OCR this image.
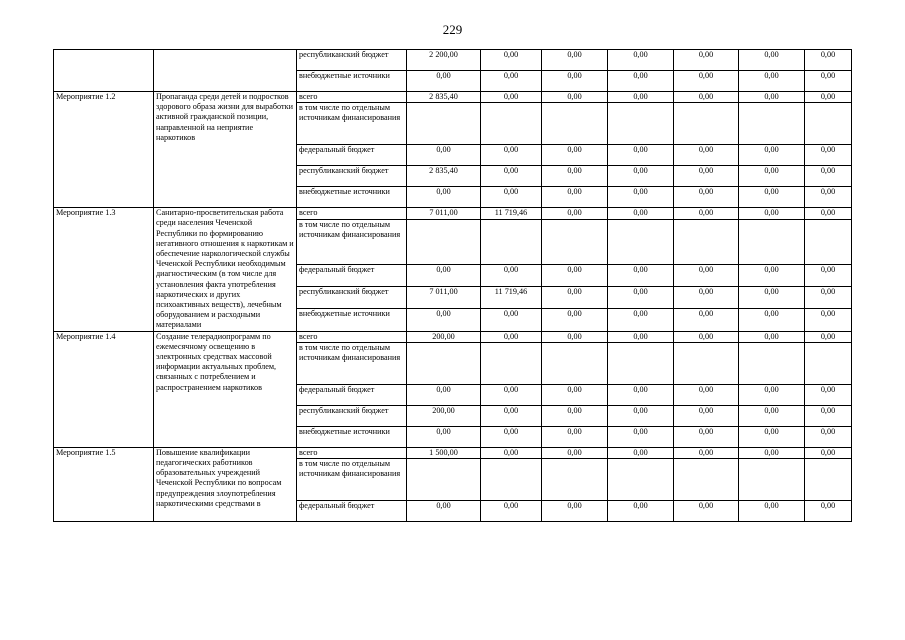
229
		республиканский бюджет	2 200,00	0,00	0,00	0,00	0,00	0,00	0,00
		внебюджетные источники	0,00	0,00	0,00	0,00	0,00	0,00	0,00
Мероприятие 1.2	Пропаганда среди детей и подростков здорового образа жизни для выработки активной гражданской позиции, направленной на неприятие наркотиков	всего	2 835,40	0,00	0,00	0,00	0,00	0,00	0,00
		в том числе по отдельным источникам финансирования							
		федеральный бюджет	0,00	0,00	0,00	0,00	0,00	0,00	0,00
		республиканский бюджет	2 835,40	0,00	0,00	0,00	0,00	0,00	0,00
		внебюджетные источники	0,00	0,00	0,00	0,00	0,00	0,00	0,00
Мероприятие 1.3	Санитарно-просветительская работа среди населения Чеченской Республики по формированию негативного отношения к наркотикам и обеспечение наркологической службы Чеченской Республики необходимым диагностическим (в том числе для установления факта употребления наркотических и других психоактивных веществ), лечебным оборудованием и расходными материалами	всего	7 011,00	11 719,46	0,00	0,00	0,00	0,00	0,00
		в том числе по отдельным источникам финансирования							
		федеральный бюджет	0,00	0,00	0,00	0,00	0,00	0,00	0,00
		республиканский бюджет	7 011,00	11 719,46	0,00	0,00	0,00	0,00	0,00
		внебюджетные источники	0,00	0,00	0,00	0,00	0,00	0,00	0,00
Мероприятие 1.4	Создание телерадиопрограмм по ежемесячному освещению в электронных средствах массовой информации актуальных проблем, связанных с потреблением и распространением наркотиков	всего	200,00	0,00	0,00	0,00	0,00	0,00	0,00
		в том числе по отдельным источникам финансирования							
		федеральный бюджет	0,00	0,00	0,00	0,00	0,00	0,00	0,00
		республиканский бюджет	200,00	0,00	0,00	0,00	0,00	0,00	0,00
		внебюджетные источники	0,00	0,00	0,00	0,00	0,00	0,00	0,00
Мероприятие 1.5	Повышение квалификации педагогических работников образовательных учреждений Чеченской Республики по вопросам предупреждения злоупотребления наркотическими средствами в	всего	1 500,00	0,00	0,00	0,00	0,00	0,00	0,00
		в том числе по отдельным источникам финансирования							
		федеральный бюджет	0,00	0,00	0,00	0,00	0,00	0,00	0,00
